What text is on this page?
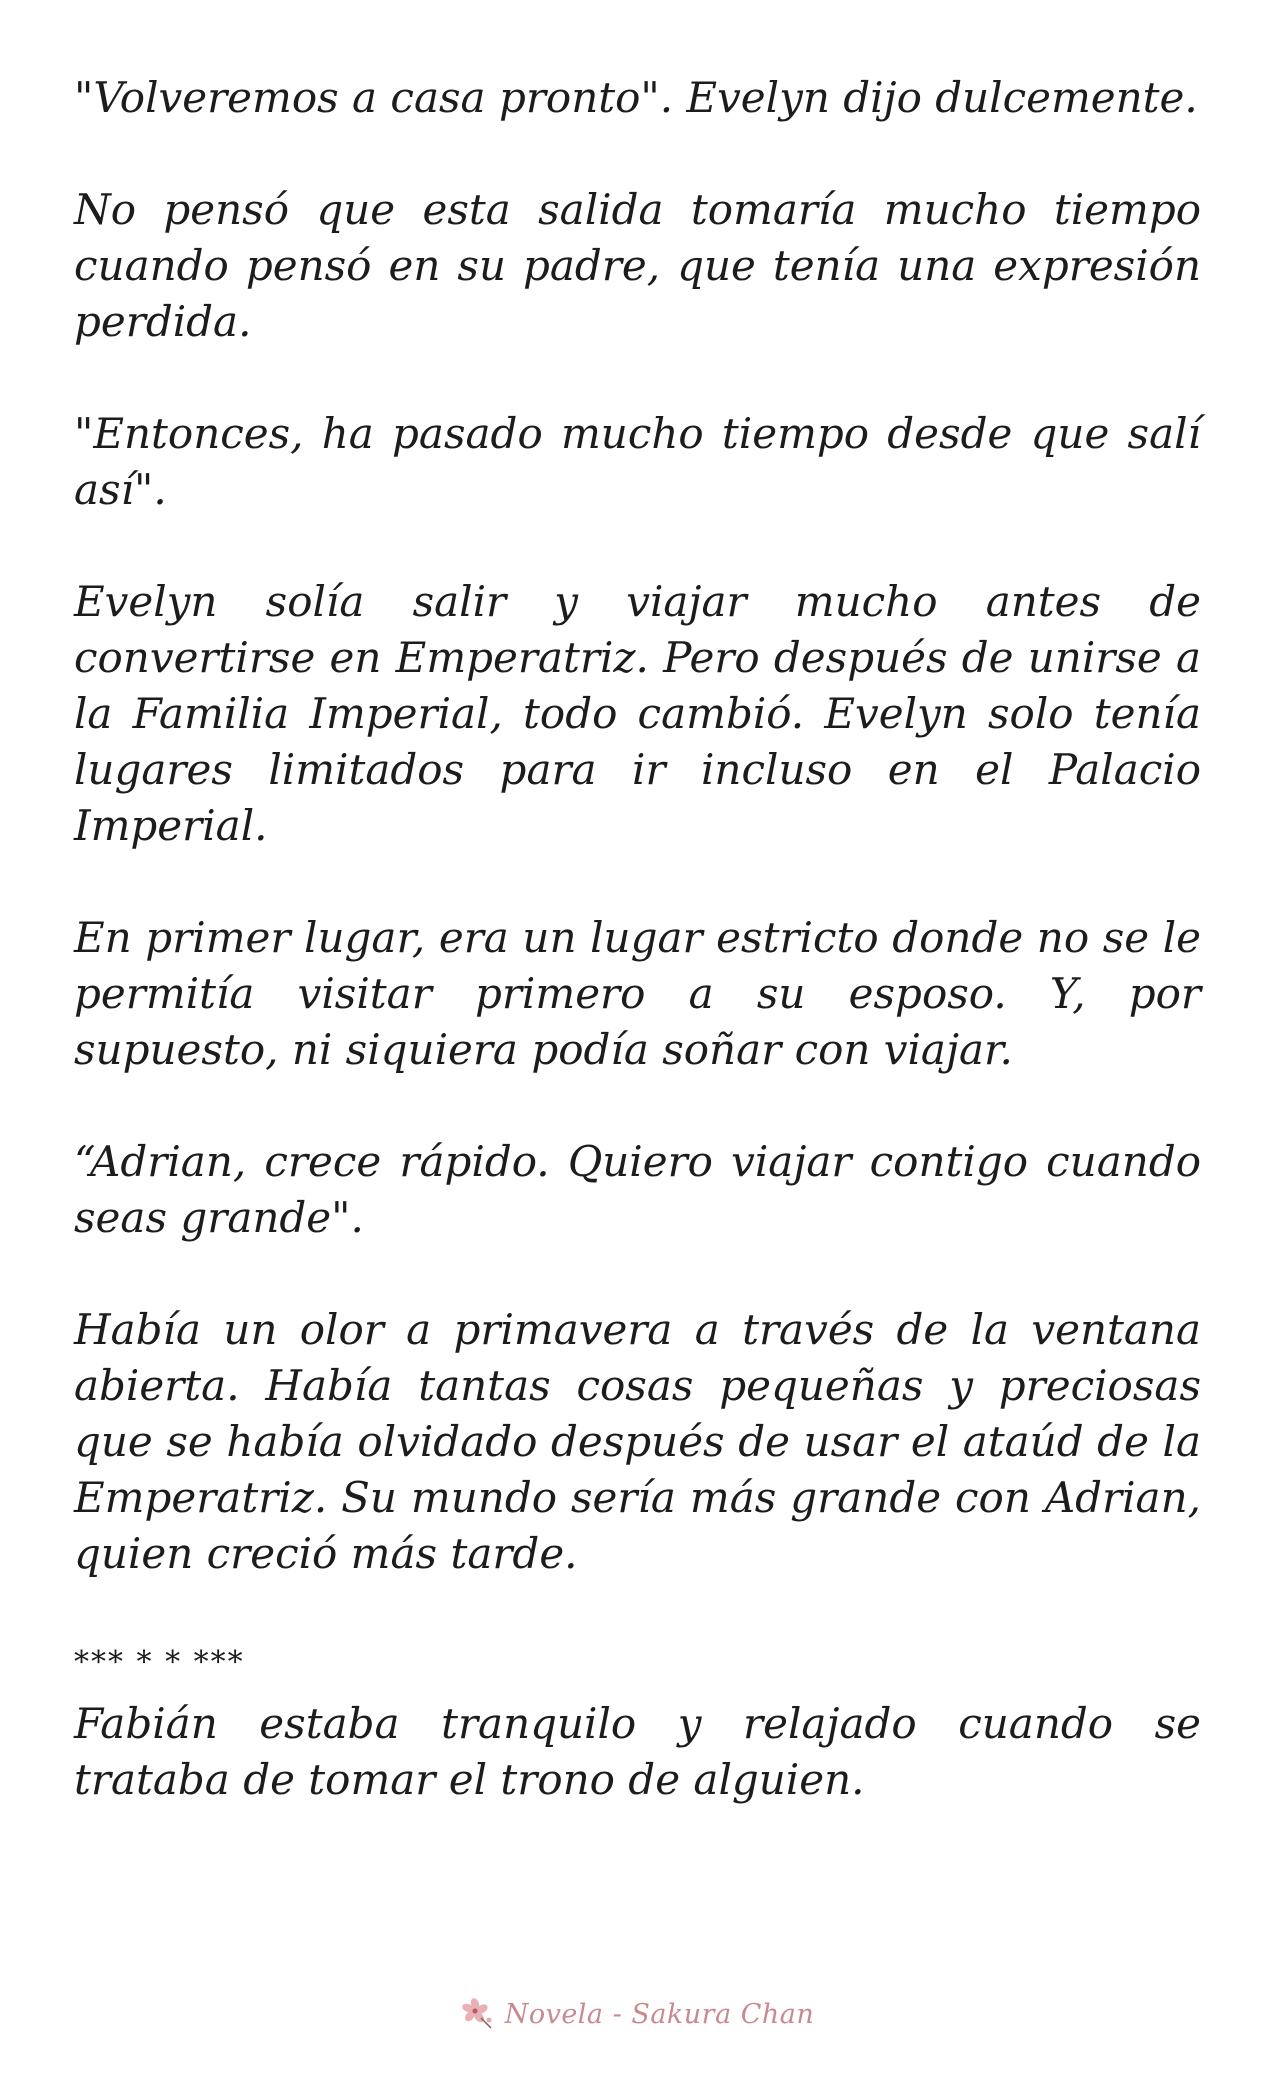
"Volveremos a casa pronto". Evelyn dijo dulcemente.

No pensó que esta salida tomaría mucho tiempo cuando pensó en su padre, que tenía una expresión perdida.

"Entonces, ha pasado mucho tiempo desde que salí así".

Evelyn solía salir y viajar mucho antes de convertirse en Emperatriz. Pero después de unirse a la Familia Imperial, todo cambió. Evelyn solo tenía lugares limitados para ir incluso en el Palacio Imperial.

En primer lugar, era un lugar estricto donde no se le permitía visitar primero a su esposo. Y, por supuesto, ni siquiera podía soñar con viajar.

“Adrian, crece rápido. Quiero viajar contigo cuando seas grande".

Había un olor a primavera a través de la ventana abierta. Había tantas cosas pequeñas y preciosas que se había olvidado después de usar el ataúd de la Emperatriz. Su mundo sería más grande con Adrian, quien creció más tarde.

*** * * ***

Fabián estaba tranquilo y relajado cuando se trataba de tomar el trono de alguien.

Novela - Sakura Chan
